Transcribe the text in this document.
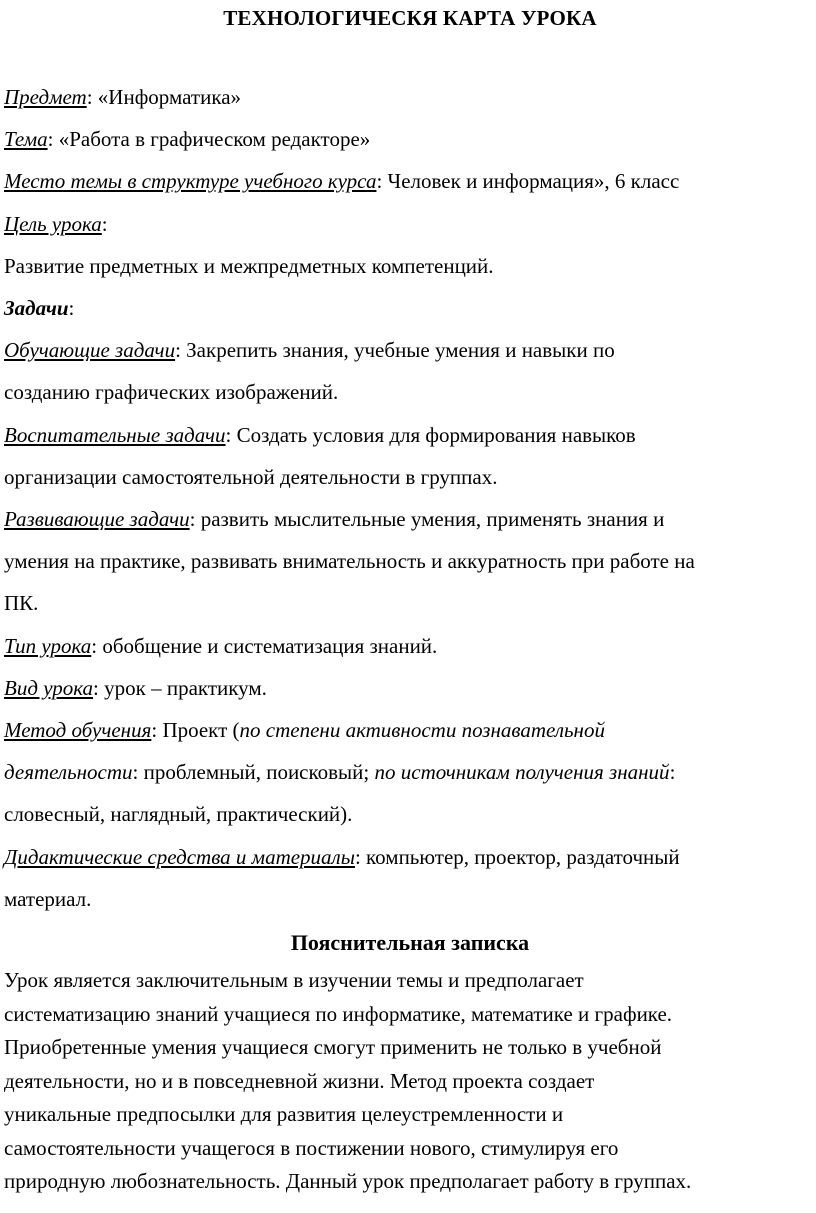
ТЕХНОЛОГИЧЕСКЯ КАРТА УРОКА
Предмет: «Информатика»
Тема: «Работа в графическом редакторе»
Место темы в структуре учебного курса: Человек и информация», 6 класс
Цель урока:
Развитие предметных и межпредметных компетенций.
Задачи:
Обучающие задачи: Закрепить знания, учебные умения и навыки по
созданию графических изображений.
Воспитательные задачи: Создать условия для формирования навыков
организации самостоятельной деятельности в группах.
Развивающие задачи: развить мыслительные умения, применять знания и
умения на практике, развивать внимательность и аккуратность при работе на
ПК.
Тип урока: обобщение и систематизация знаний.
Вид урока: урок – практикум.
Метод обучения: Проект (по степени активности познавательной
деятельности: проблемный, поисковый; по источникам получения знаний:
словесный, наглядный, практический).
Дидактические средства и материалы: компьютер, проектор, раздаточный
материал.
Пояснительная записка
Урок является заключительным в изучении темы и предполагает
систематизацию знаний учащиеся по информатике, математике и графике.
Приобретенные умения учащиеся смогут применить не только в учебной
деятельности, но и в повседневной жизни. Метод проекта создает
уникальные предпосылки для развития целеустремленности и
самостоятельности учащегося в постижении нового, стимулируя его
природную любознательность. Данный урок предполагает работу в группах.
